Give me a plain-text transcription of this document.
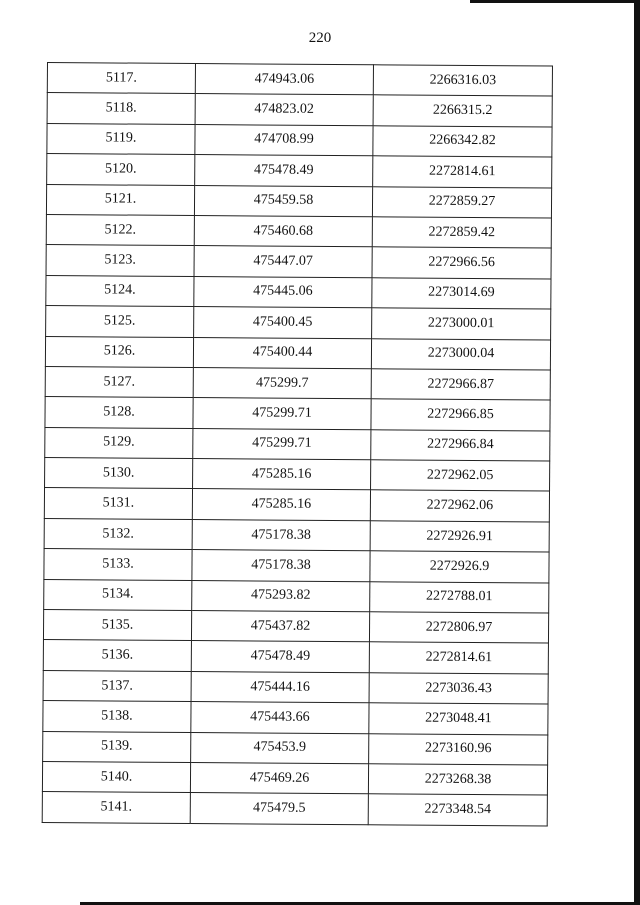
220
5117.	474943.06	2266316.03
5118.	474823.02	2266315.2
5119.	474708.99	2266342.82
5120.	475478.49	2272814.61
5121.	475459.58	2272859.27
5122.	475460.68	2272859.42
5123.	475447.07	2272966.56
5124.	475445.06	2273014.69
5125.	475400.45	2273000.01
5126.	475400.44	2273000.04
5127.	475299.7	2272966.87
5128.	475299.71	2272966.85
5129.	475299.71	2272966.84
5130.	475285.16	2272962.05
5131.	475285.16	2272962.06
5132.	475178.38	2272926.91
5133.	475178.38	2272926.9
5134.	475293.82	2272788.01
5135.	475437.82	2272806.97
5136.	475478.49	2272814.61
5137.	475444.16	2273036.43
5138.	475443.66	2273048.41
5139.	475453.9	2273160.96
5140.	475469.26	2273268.38
5141.	475479.5	2273348.54
